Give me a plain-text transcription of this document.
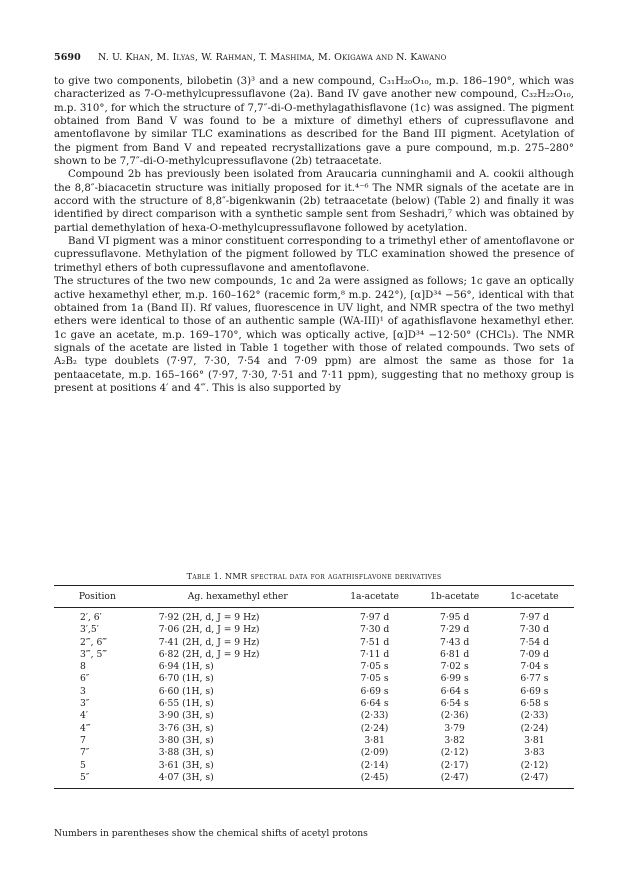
5690 N. U. Khan, M. Ilyas, W. Rahman, T. Mashima, M. Okigawa and N. Kawano

to give two components, bilobetin (3)³ and a new compound, C₃₁H₂₀O₁₀, m.p. 186–190°, which was characterized as 7-O-methylcupressuflavone (2a). Band IV gave another new compound, C₃₂H₂₂O₁₀, m.p. 310°, for which the structure of 7,7″-di-O-methylagathisflavone (1c) was assigned. The pigment obtained from Band V was found to be a mixture of dimethyl ethers of cupressuflavone and amentoflavone by similar TLC examinations as described for the Band III pigment. Acetylation of the pigment from Band V and repeated recrystallizations gave a pure compound, m.p. 275–280° shown to be 7,7″-di-O-methylcupressuflavone (2b) tetraacetate.

Compound 2b has previously been isolated from Araucaria cunninghamii and A. cookii although the 8,8″-biacacetin structure was initially proposed for it.⁴⁻⁶ The NMR signals of the acetate are in accord with the structure of 8,8″-bigenkwanin (2b) tetraacetate (below) (Table 2) and finally it was identified by direct comparison with a synthetic sample sent from Seshadri,⁷ which was obtained by partial demethylation of hexa-O-methylcupressuflavone followed by acetylation.

Band VI pigment was a minor constituent corresponding to a trimethyl ether of amentoflavone or cupressuflavone. Methylation of the pigment followed by TLC examination showed the presence of trimethyl ethers of both cupressuflavone and amentoflavone.

The structures of the two new compounds, 1c and 2a were assigned as follows; 1c gave an optically active hexamethyl ether, m.p. 160–162° (racemic form,⁸ m.p. 242°), [α]D³⁴ −56°, identical with that obtained from 1a (Band II). Rf values, fluorescence in UV light, and NMR spectra of the two methyl ethers were identical to those of an authentic sample (WA-III)¹ of agathisflavone hexamethyl ether. 1c gave an acetate, m.p. 169–170°, which was optically active, [α]D³⁴ −12·50° (CHCl₃). The NMR signals of the acetate are listed in Table 1 together with those of related compounds. Two sets of A₂B₂ type doublets (7·97, 7·30, 7·54 and 7·09 ppm) are almost the same as those for 1a pentaacetate, m.p. 165–166° (7·97, 7·30, 7·51 and 7·11 ppm), suggesting that no methoxy group is present at positions 4′ and 4‴. This is also supported by

Table 1. NMR spectral data for agathisflavone derivatives
Position	Ag. hexamethyl ether	1a-acetate	1b-acetate	1c-acetate
2′, 6′	7·92 (2H, d, J = 9 Hz)	7·97 d	7·95 d	7·97 d
3′,5′	7·06 (2H, d, J = 9 Hz)	7·30 d	7·29 d	7·30 d
2‴, 6‴	7·41 (2H, d, J = 9 Hz)	7·51 d	7·43 d	7·54 d
3‴, 5‴	6·82 (2H, d, J = 9 Hz)	7·11 d	6·81 d	7·09 d
8	6·94 (1H, s)	7·05 s	7·02 s	7·04 s
6″	6·70 (1H, s)	7·05 s	6·99 s	6·77 s
3	6·60 (1H, s)	6·69 s	6·64 s	6·69 s
3″	6·55 (1H, s)	6·64 s	6·54 s	6·58 s
4′	3·90 (3H, s)	(2·33)	(2·36)	(2·33)
4‴	3·76 (3H, s)	(2·24)	3·79	(2·24)
7	3·80 (3H, s)	3·81	3·82	3·81
7″	3·88 (3H, s)	(2·09)	(2·12)	3·83
5	3·61 (3H, s)	(2·14)	(2·17)	(2·12)
5″	4·07 (3H, s)	(2·45)	(2·47)	(2·47)
Numbers in parentheses show the chemical shifts of acetyl protons
